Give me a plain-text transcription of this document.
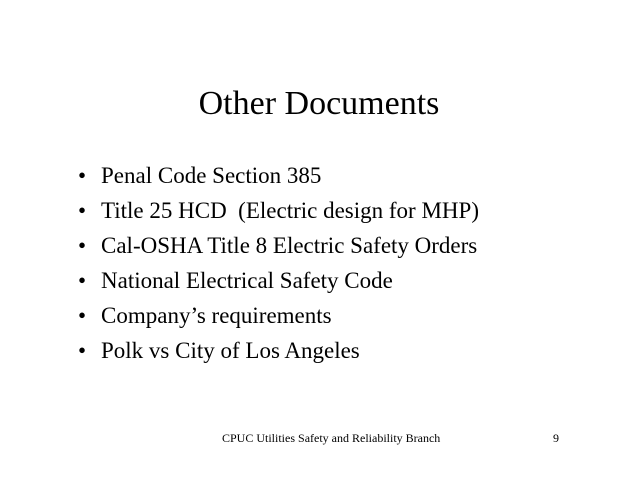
Other Documents
• Penal Code Section 385
• Title 25 HCD  (Electric design for MHP)
• Cal-OSHA Title 8 Electric Safety Orders
• National Electrical Safety Code
• Company’s requirements
• Polk vs City of Los Angeles
CPUC Utilities Safety and Reliability Branch	9
